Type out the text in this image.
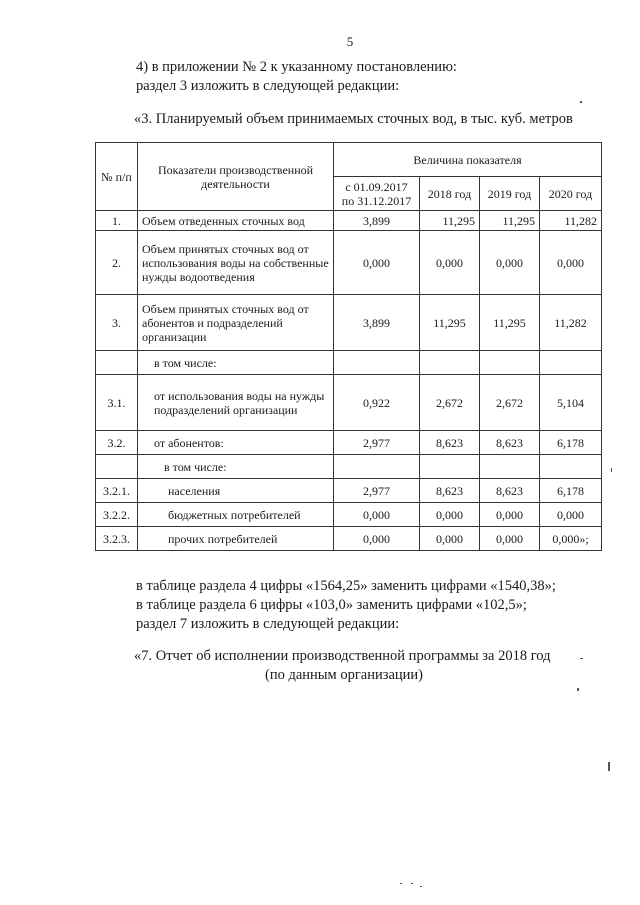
5
4) в приложении № 2 к указанному постановлению:
раздел 3 изложить в следующей редакции:
«3. Планируемый объем принимаемых сточных вод, в тыс. куб. метров
№ п/п	Показатели производственной деятельности	Величина показателя			
		с 01.09.2017 по 31.12.2017	2018 год	2019 год	2020 год
1.	Объем отведенных сточных вод	3,899	11,295	11,295	11,282
2.	Объем принятых сточных вод от использования воды на собственные нужды водоотведения	0,000	0,000	0,000	0,000
3.	Объем принятых сточных вод от абонентов и подразделений организации	3,899	11,295	11,295	11,282
	в том числе:				
3.1.	от использования воды на нужды подразделений организации	0,922	2,672	2,672	5,104
3.2.	от абонентов:	2,977	8,623	8,623	6,178
	в том числе:				
3.2.1.	населения	2,977	8,623	8,623	6,178
3.2.2.	бюджетных потребителей	0,000	0,000	0,000	0,000
3.2.3.	прочих потребителей	0,000	0,000	0,000	0,000»;
в таблице раздела 4 цифры «1564,25» заменить цифрами «1540,38»;
в таблице раздела 6 цифры «103,0» заменить цифрами «102,5»;
раздел 7 изложить в следующей редакции:
«7. Отчет об исполнении производственной программы за 2018 год
(по данным организации)
